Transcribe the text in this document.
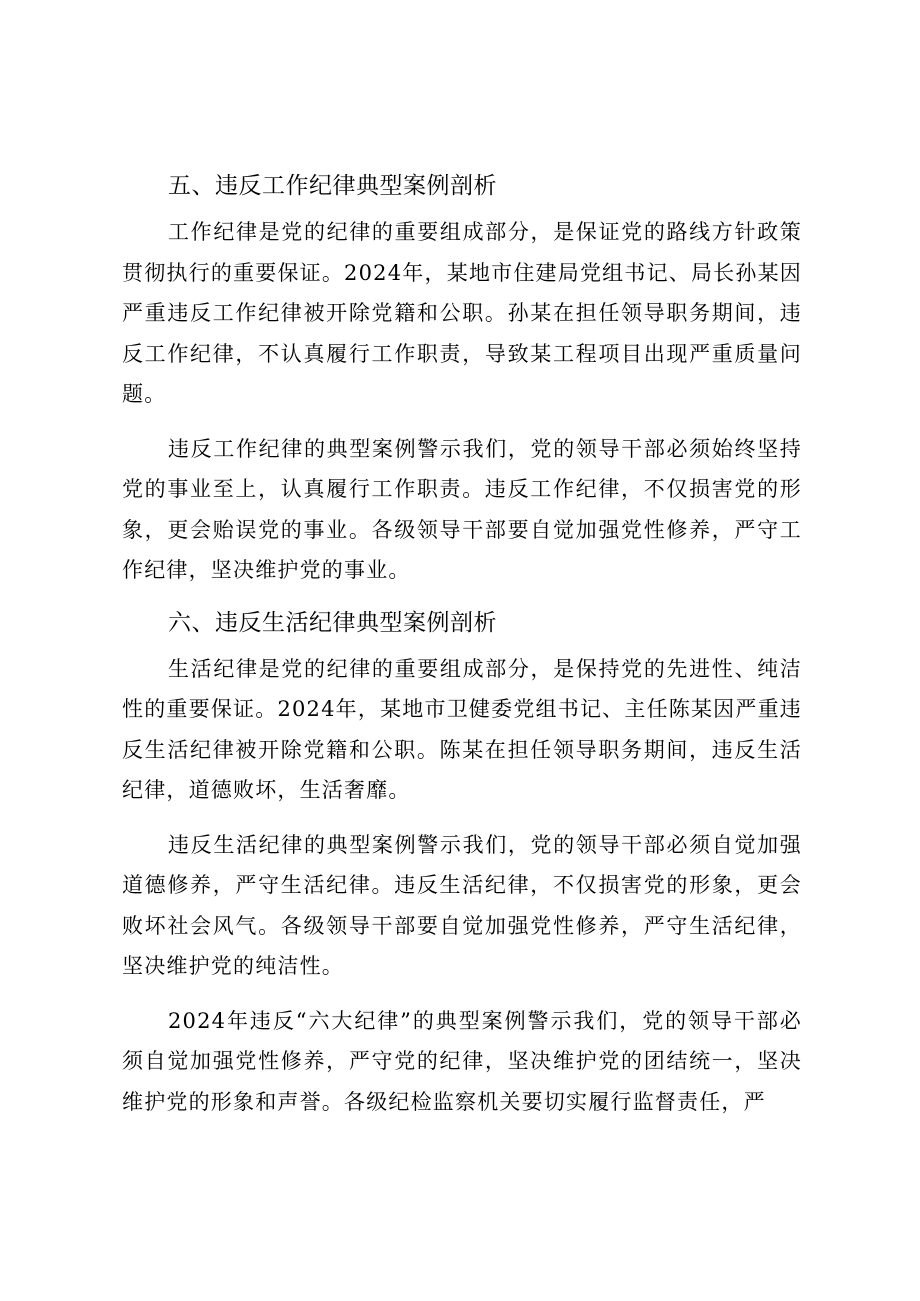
五、违反工作纪律典型案例剖析

工作纪律是党的纪律的重要组成部分，是保证党的路线方针政策贯彻执行的重要保证。2024年，某地市住建局党组书记、局长孙某因严重违反工作纪律被开除党籍和公职。孙某在担任领导职务期间，违反工作纪律，不认真履行工作职责，导致某工程项目出现严重质量问题。

违反工作纪律的典型案例警示我们，党的领导干部必须始终坚持党的事业至上，认真履行工作职责。违反工作纪律，不仅损害党的形象，更会贻误党的事业。各级领导干部要自觉加强党性修养，严守工作纪律，坚决维护党的事业。

六、违反生活纪律典型案例剖析

生活纪律是党的纪律的重要组成部分，是保持党的先进性、纯洁性的重要保证。2024年，某地市卫健委党组书记、主任陈某因严重违反生活纪律被开除党籍和公职。陈某在担任领导职务期间，违反生活纪律，道德败坏，生活奢靡。

违反生活纪律的典型案例警示我们，党的领导干部必须自觉加强道德修养，严守生活纪律。违反生活纪律，不仅损害党的形象，更会败坏社会风气。各级领导干部要自觉加强党性修养，严守生活纪律，坚决维护党的纯洁性。

2024年违反“六大纪律”的典型案例警示我们，党的领导干部必须自觉加强党性修养，严守党的纪律，坚决维护党的团结统一，坚决维护党的形象和声誉。各级纪检监察机关要切实履行监督责任，严
